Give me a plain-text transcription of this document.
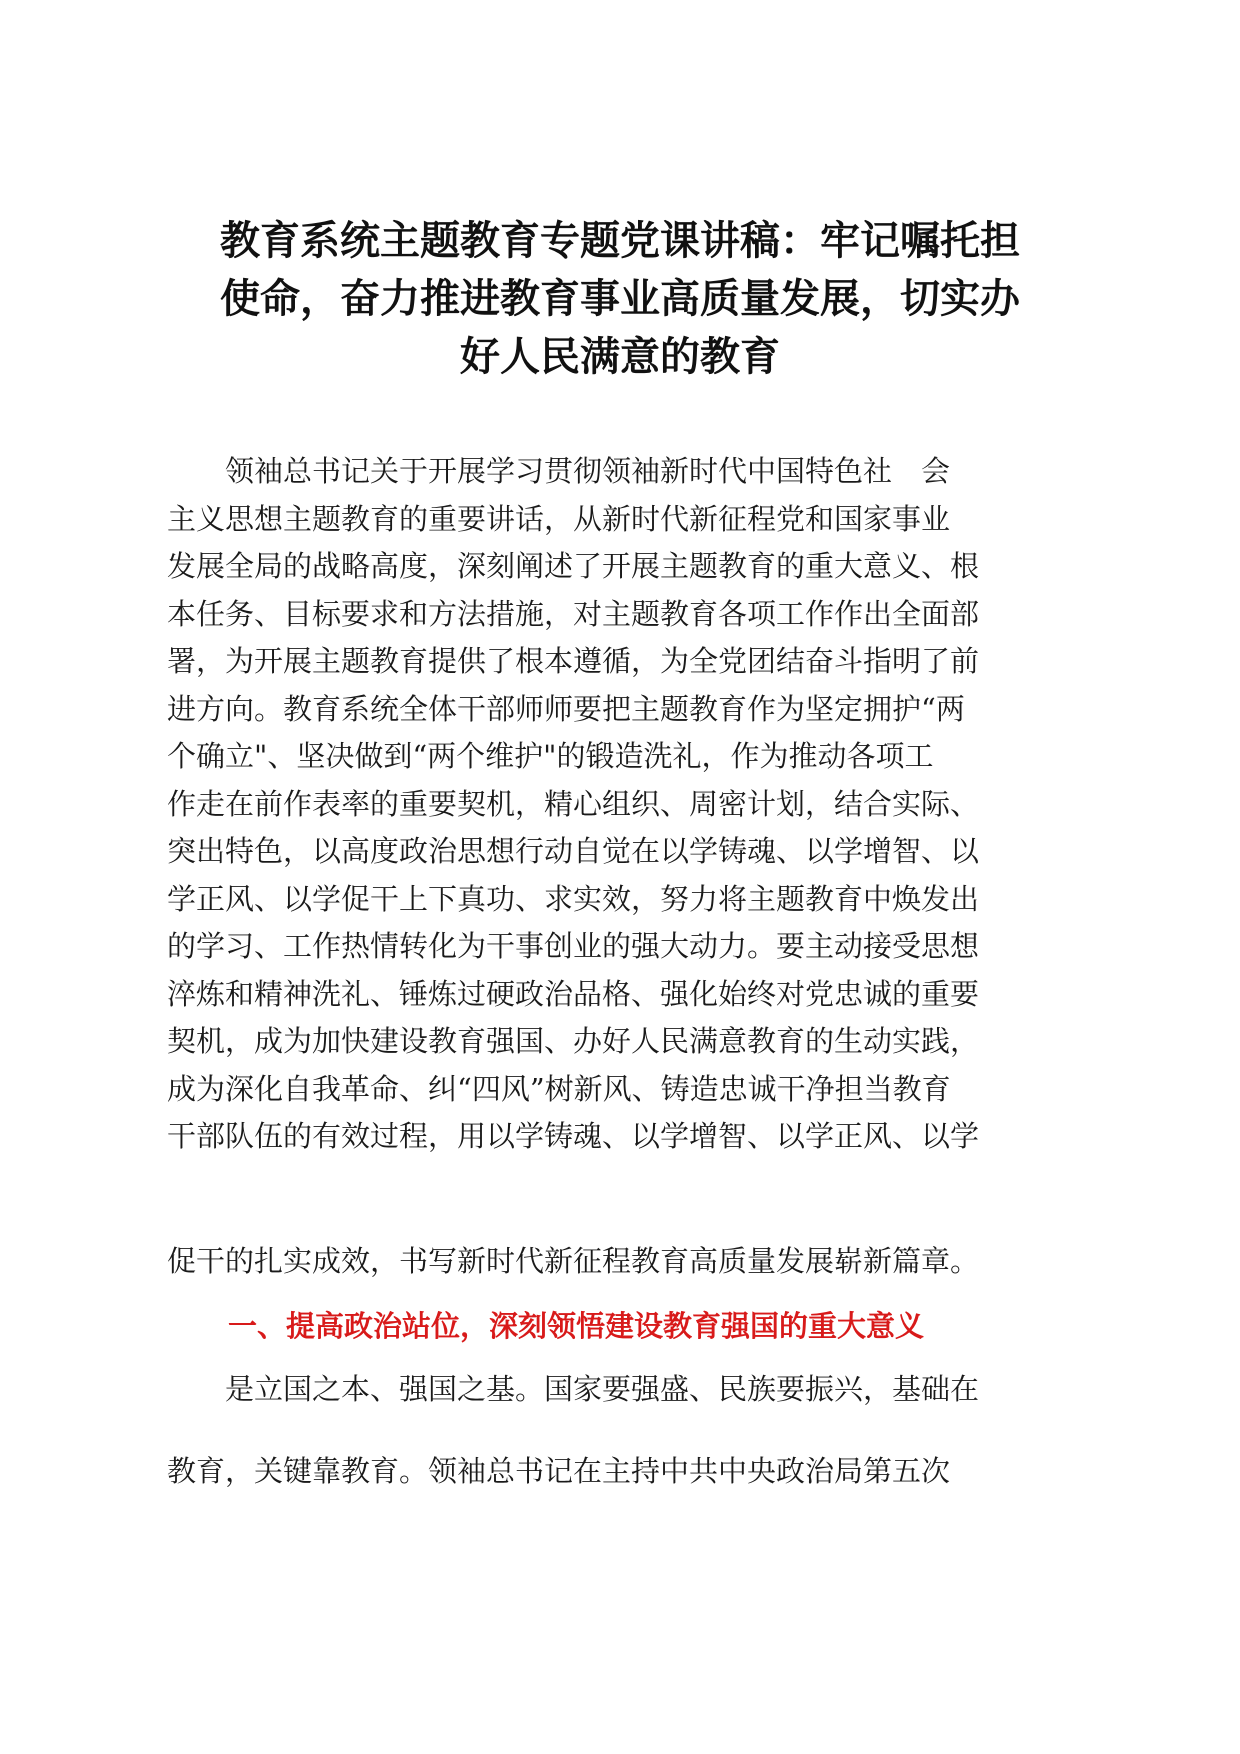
教育系统主题教育专题党课讲稿：牢记嘱托担
使命，奋力推进教育事业高质量发展，切实办
好人民满意的教育
　　领袖总书记关于开展学习贯彻领袖新时代中国特色社　会
主义思想主题教育的重要讲话，从新时代新征程党和国家事业
发展全局的战略高度，深刻阐述了开展主题教育的重大意义、根
本任务、目标要求和方法措施，对主题教育各项工作作出全面部
署，为开展主题教育提供了根本遵循，为全党团结奋斗指明了前
进方向。教育系统全体干部师师要把主题教育作为坚定拥护“两
个确立"、坚决做到“两个维护"的锻造洗礼，作为推动各项工
作走在前作表率的重要契机，精心组织、周密计划，结合实际、
突出特色，以高度政治思想行动自觉在以学铸魂、以学增智、以
学正风、以学促干上下真功、求实效，努力将主题教育中焕发出
的学习、工作热情转化为干事创业的强大动力。要主动接受思想
淬炼和精神洗礼、锤炼过硬政治品格、强化始终对党忠诚的重要
契机，成为加快建设教育强国、办好人民满意教育的生动实践，
成为深化自我革命、纠“四风”树新风、铸造忠诚干净担当教育
干部队伍的有效过程，用以学铸魂、以学增智、以学正风、以学
促干的扎实成效，书写新时代新征程教育高质量发展崭新篇章。
一、提高政治站位，深刻领悟建设教育强国的重大意义
　　是立国之本、强国之基。国家要强盛、民族要振兴，基础在
教育，关键靠教育。领袖总书记在主持中共中央政治局第五次
